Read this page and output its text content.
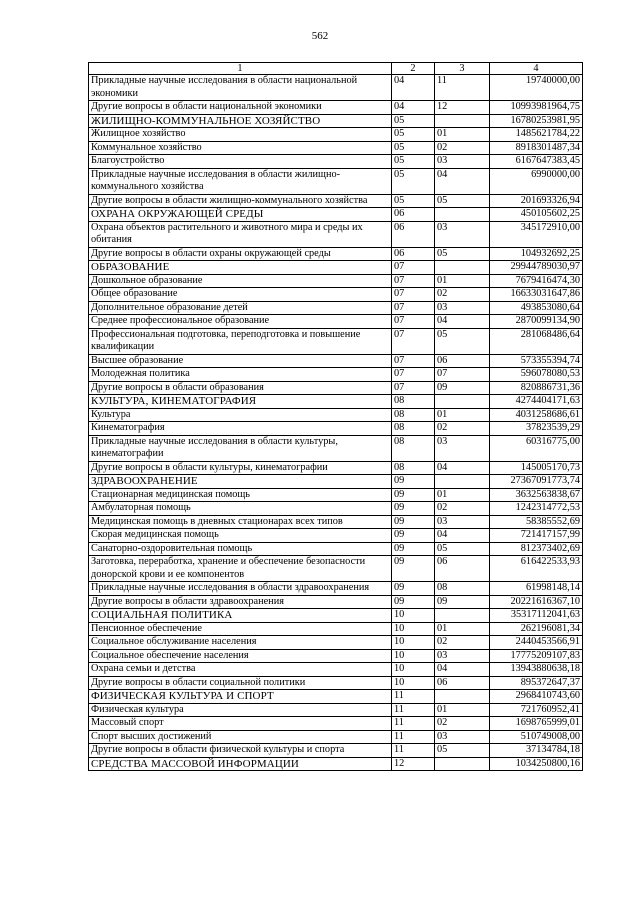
562
1	2	3	4
Прикладные научные исследования в области национальной экономики	04	11	19740000,00
Другие вопросы в области национальной экономики	04	12	10993981964,75
ЖИЛИЩНО-КОММУНАЛЬНОЕ ХОЗЯЙСТВО	05		16780253981,95
Жилищное хозяйство	05	01	1485621784,22
Коммунальное хозяйство	05	02	8918301487,34
Благоустройство	05	03	6167647383,45
Прикладные научные исследования в области жилищно-коммунального хозяйства	05	04	6990000,00
Другие вопросы в области жилищно-коммунального хозяйства	05	05	201693326,94
ОХРАНА ОКРУЖАЮЩЕЙ СРЕДЫ	06		450105602,25
Охрана объектов растительного и животного мира и среды их обитания	06	03	345172910,00
Другие вопросы в области охраны окружающей среды	06	05	104932692,25
ОБРАЗОВАНИЕ	07		29944789030,97
Дошкольное образование	07	01	7679416474,30
Общее образование	07	02	16633031647,86
Дополнительное образование детей	07	03	493853080,64
Среднее профессиональное образование	07	04	2870099134,90
Профессиональная подготовка, переподготовка и повышение квалификации	07	05	281068486,64
Высшее образование	07	06	573355394,74
Молодежная политика	07	07	596078080,53
Другие вопросы в области образования	07	09	820886731,36
КУЛЬТУРА, КИНЕМАТОГРАФИЯ	08		4274404171,63
Культура	08	01	4031258686,61
Кинематография	08	02	37823539,29
Прикладные научные исследования в области культуры, кинематографии	08	03	60316775,00
Другие вопросы в области культуры, кинематографии	08	04	145005170,73
ЗДРАВООХРАНЕНИЕ	09		27367091773,74
Стационарная медицинская помощь	09	01	3632563838,67
Амбулаторная помощь	09	02	1242314772,53
Медицинская помощь в дневных стационарах всех типов	09	03	58385552,69
Скорая медицинская помощь	09	04	721417157,99
Санаторно-оздоровительная помощь	09	05	812373402,69
Заготовка, переработка, хранение и обеспечение безопасности донорской крови и ее компонентов	09	06	616422533,93
Прикладные научные исследования в области здравоохранения	09	08	61998148,14
Другие вопросы в области здравоохранения	09	09	20221616367,10
СОЦИАЛЬНАЯ ПОЛИТИКА	10		35317112041,63
Пенсионное обеспечение	10	01	262196081,34
Социальное обслуживание населения	10	02	2440453566,91
Социальное обеспечение населения	10	03	17775209107,83
Охрана семьи и детства	10	04	13943880638,18
Другие вопросы в области социальной политики	10	06	895372647,37
ФИЗИЧЕСКАЯ КУЛЬТУРА И СПОРТ	11		2968410743,60
Физическая культура	11	01	721760952,41
Массовый спорт	11	02	1698765999,01
Спорт высших достижений	11	03	510749008,00
Другие вопросы в области физической культуры и спорта	11	05	37134784,18
СРЕДСТВА МАССОВОЙ ИНФОРМАЦИИ	12		1034250800,16
